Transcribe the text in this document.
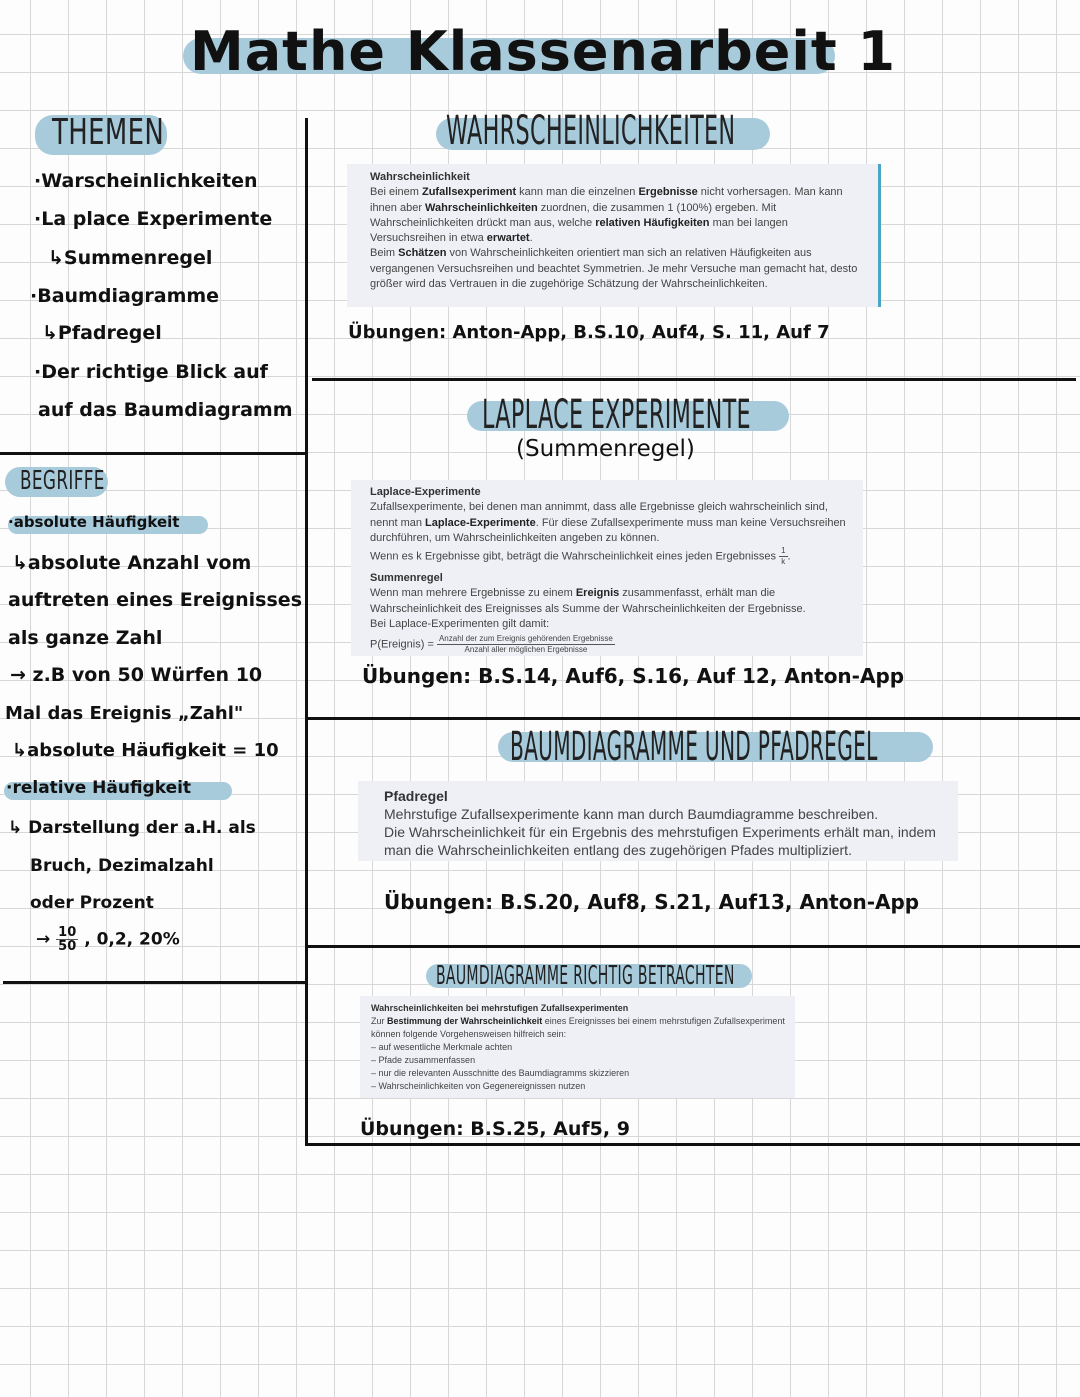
Mathe Klassenarbeit 1
THEMEN
·Warscheinlichkeiten
·La place Experimente
↳Summenregel
·Baumdiagramme
↳Pfadregel
·Der richtige Blick auf
auf das Baumdiagramm
BEGRIFFE
·absolute Häufigkeit
↳absolute Anzahl vom
auftreten eines Ereignisses
als ganze Zahl
→ z.B von 50 Würfen 10
Mal das Ereignis „Zahl"
↳absolute Häufigkeit = 10
·relative Häufigkeit
↳ Darstellung der a.H. als
Bruch, Dezimalzahl
oder Prozent
→ $\frac{10}{50}$ , 0,2, 20%
WAHRSCHEINLICHKEITEN
Wahrscheinlichkeit

Bei einem Zufallsexperiment kann man die einzelnen Ergebnisse nicht vorhersagen. Man kann ihnen aber Wahrscheinlichkeiten zuordnen, die zusammen 1 (100%) ergeben. Mit Wahrscheinlichkeiten drückt man aus, welche relativen Häufigkeiten man bei langen Versuchsreihen in etwa erwartet.

Beim Schätzen von Wahrscheinlichkeiten orientiert man sich an relativen Häufigkeiten aus vergangenen Versuchsreihen und beachtet Symmetrien. Je mehr Versuche man gemacht hat, desto größer wird das Vertrauen in die zugehörige Schätzung der Wahrscheinlichkeiten.

Übungen: Anton-App, B.S.10, Auf4, S. 11, Auf 7
LAPLACE EXPERIMENTE
(Summenregel)
Laplace-Experimente

Zufallsexperimente, bei denen man annimmt, dass alle Ergebnisse gleich wahrscheinlich sind, nennt man Laplace-Experimente. Für diese Zufallsexperimente muss man keine Versuchsreihen durchführen, um Wahrscheinlichkeiten angeben zu können.

Wenn es k Ergebnisse gibt, beträgt die Wahrscheinlichkeit eines jeden Ergebnisses $\frac{1}{k}$ .

Summenregel

Wenn man mehrere Ergebnisse zu einem Ereignis zusammenfasst, erhält man die Wahrscheinlichkeit des Ereignisses als Summe der Wahrscheinlichkeiten der Ergebnisse.

Bei Laplace-Experimenten gilt damit:

P(Ereignis) = $\frac{\text{Anzahl der zum Ereignis gehörenden Ergebnisse}}{\text{Anzahl aller möglichen Ergebnisse}}$

Übungen: B.S.14, Auf6, S.16, Auf 12, Anton-App
BAUMDIAGRAMME UND PFADREGEL
Pfadregel

Mehrstufige Zufallsexperimente kann man durch Baumdiagramme beschreiben.

Die Wahrscheinlichkeit für ein Ergebnis des mehrstufigen Experiments erhält man, indem man die Wahrscheinlichkeiten entlang des zugehörigen Pfades multipliziert.

Übungen: B.S.20, Auf8, S.21, Auf13, Anton-App
BAUMDIAGRAMME RICHTIG BETRACHTEN
Wahrscheinlichkeiten bei mehrstufigen Zufallsexperimenten

Zur Bestimmung der Wahrscheinlichkeit eines Ereignisses bei einem mehrstufigen Zufallsexperiment können folgende Vorgehensweisen hilfreich sein:

– auf wesentliche Merkmale achten

– Pfade zusammenfassen

– nur die relevanten Ausschnitte des Baumdiagramms skizzieren

– Wahrscheinlichkeiten von Gegenereignissen nutzen

Übungen: B.S.25, Auf5, 9
